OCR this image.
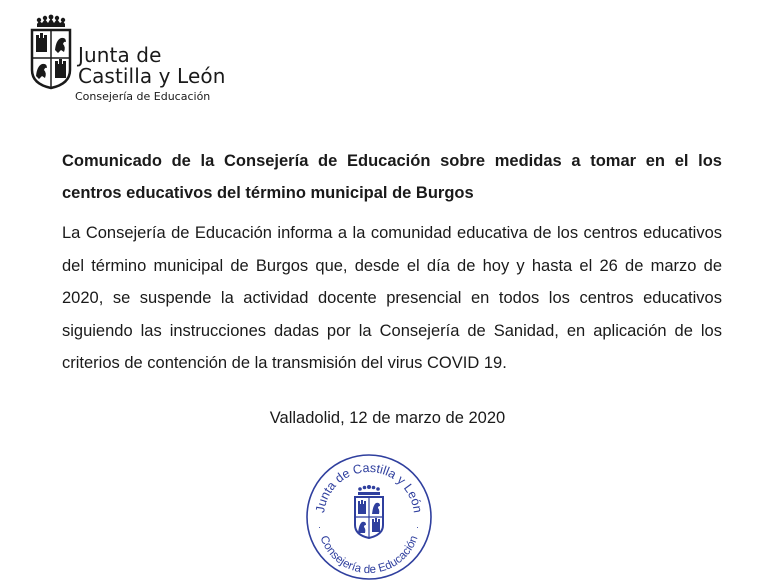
Junta de
Castilla y León
Consejería de Educación

Comunicado de la Consejería de Educación sobre medidas a tomar en el los centros educativos del término municipal de Burgos

La Consejería de Educación informa a la comunidad educativa de los centros educativos del término municipal de Burgos que, desde el día de hoy y hasta el 26 de marzo de 2020, se suspende la actividad docente presencial en todos los centros educativos siguiendo las instrucciones dadas por la Consejería de Sanidad, en aplicación de los criterios de contención de la transmisión del virus COVID 19.

Valladolid, 12 de marzo de 2020
Junta de Castilla y León
Consejería de Educación
·	·
